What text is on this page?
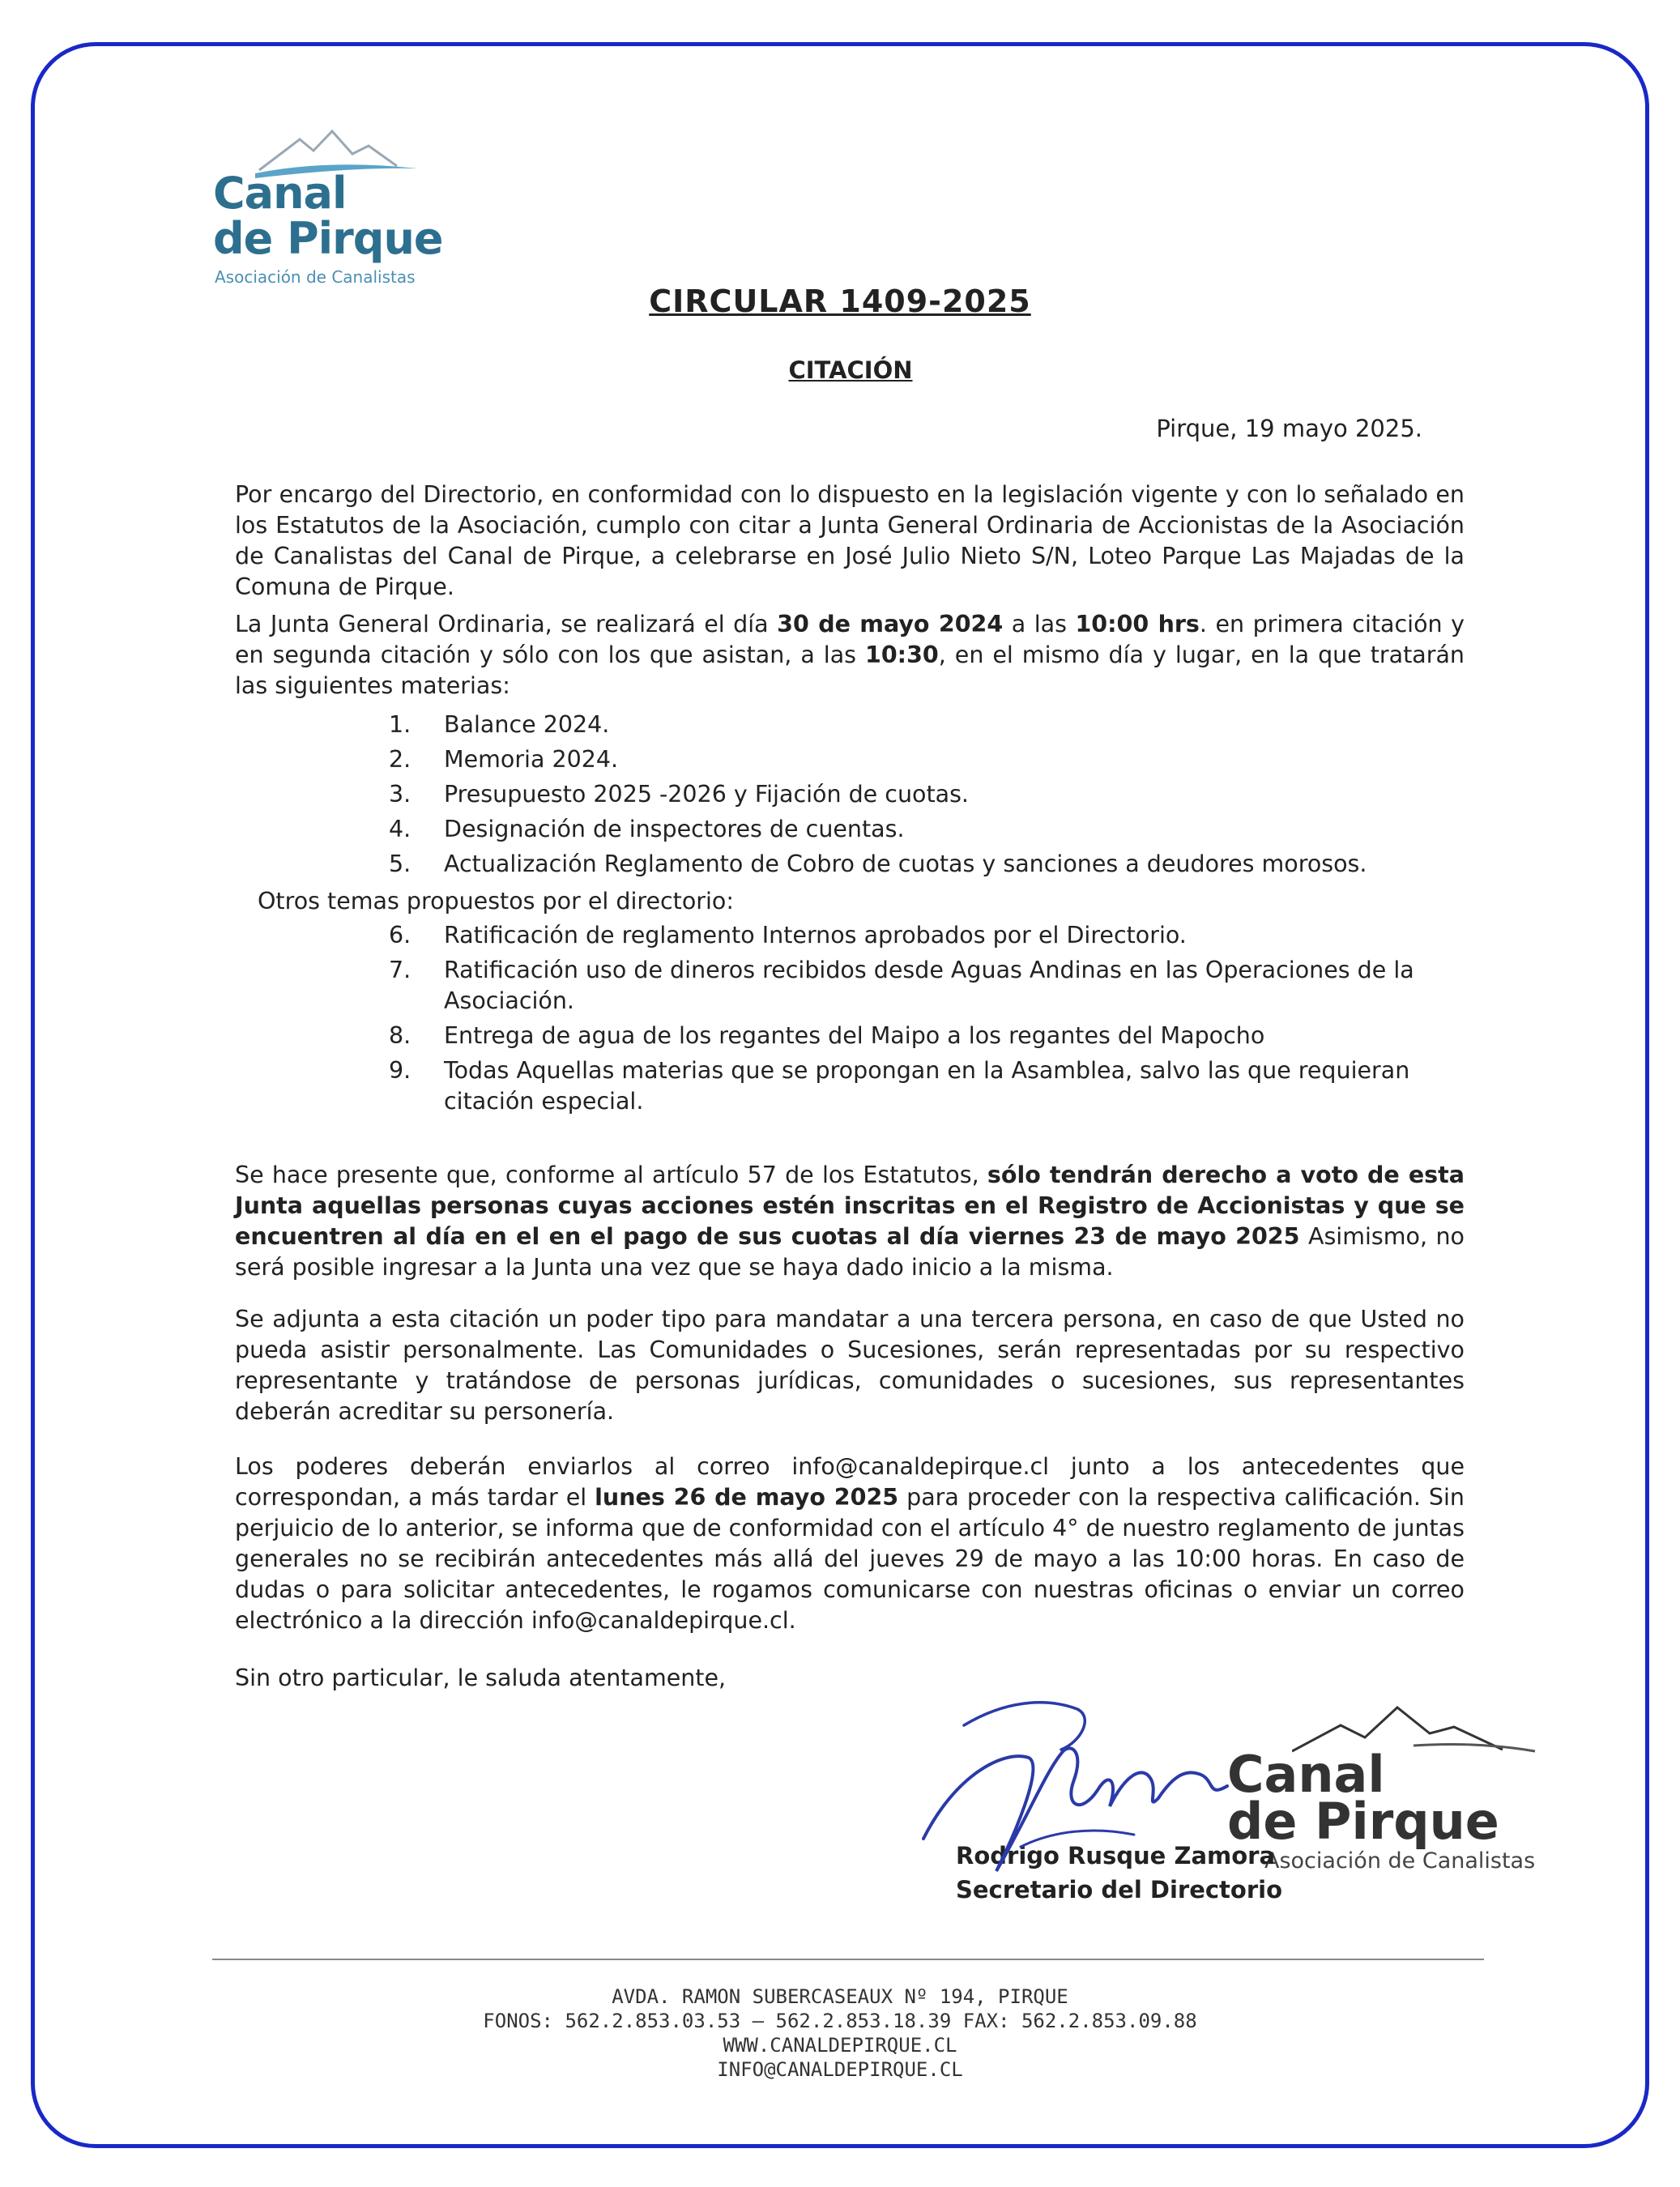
Canal
de Pirque
Asociación de Canalistas
CIRCULAR 1409-2025
CITACIÓN
Pirque, 19 mayo 2025.
Por encargo del Directorio, en conformidad con lo dispuesto en la legislación vigente y con lo señalado en los Estatutos de la Asociación, cumplo con citar a Junta General Ordinaria de Accionistas de la Asociación de Canalistas del Canal de Pirque, a celebrarse en José Julio Nieto S/N, Loteo Parque Las Majadas de la Comuna de Pirque.
La Junta General Ordinaria, se realizará el día 30 de mayo 2024 a las 10:00 hrs. en primera citación y en segunda citación y sólo con los que asistan, a las 10:30, en el mismo día y lugar, en la que tratarán las siguientes materias:
1.	Balance 2024.
2.	Memoria 2024.
3.	Presupuesto 2025 -2026 y Fijación de cuotas.
4.	Designación de inspectores de cuentas.
5.	Actualización Reglamento de Cobro de cuotas y sanciones a deudores morosos.
Otros temas propuestos por el directorio:
6.	Ratificación de reglamento Internos aprobados por el Directorio.
7.	Ratificación uso de dineros recibidos desde Aguas Andinas en las Operaciones de la Asociación.
8.	Entrega de agua de los regantes del Maipo a los regantes del Mapocho
9.	Todas Aquellas materias que se propongan en la Asamblea, salvo las que requieran citación especial.
Se hace presente que, conforme al artículo 57 de los Estatutos, sólo tendrán derecho a voto de esta Junta aquellas personas cuyas acciones estén inscritas en el Registro de Accionistas y que se encuentren al día en el en el pago de sus cuotas al día viernes 23 de mayo 2025 Asimismo, no será posible ingresar a la Junta una vez que se haya dado inicio a la misma.
Se adjunta a esta citación un poder tipo para mandatar a una tercera persona, en caso de que Usted no pueda asistir personalmente. Las Comunidades o Sucesiones, serán representadas por su respectivo representante y tratándose de personas jurídicas, comunidades o sucesiones, sus representantes deberán acreditar su personería.
Los poderes deberán enviarlos al correo info@canaldepirque.cl junto a los antecedentes que correspondan, a más tardar el lunes 26 de mayo 2025 para proceder con la respectiva calificación. Sin perjuicio de lo anterior, se informa que de conformidad con el artículo 4° de nuestro reglamento de juntas generales no se recibirán antecedentes más allá del jueves 29 de mayo a las 10:00 horas. En caso de dudas o para solicitar antecedentes, le rogamos comunicarse con nuestras oficinas o enviar un correo electrónico a la dirección info@canaldepirque.cl.
Sin otro particular, le saluda atentamente,
Canal
de Pirque
Asociación de Canalistas
Rodrigo Rusque Zamora
Secretario del Directorio
AVDA. RAMON SUBERCASEAUX Nº 194, PIRQUE
FONOS: 562.2.853.03.53 – 562.2.853.18.39 FAX: 562.2.853.09.88
WWW.CANALDEPIRQUE.CL
INFO@CANALDEPIRQUE.CL
